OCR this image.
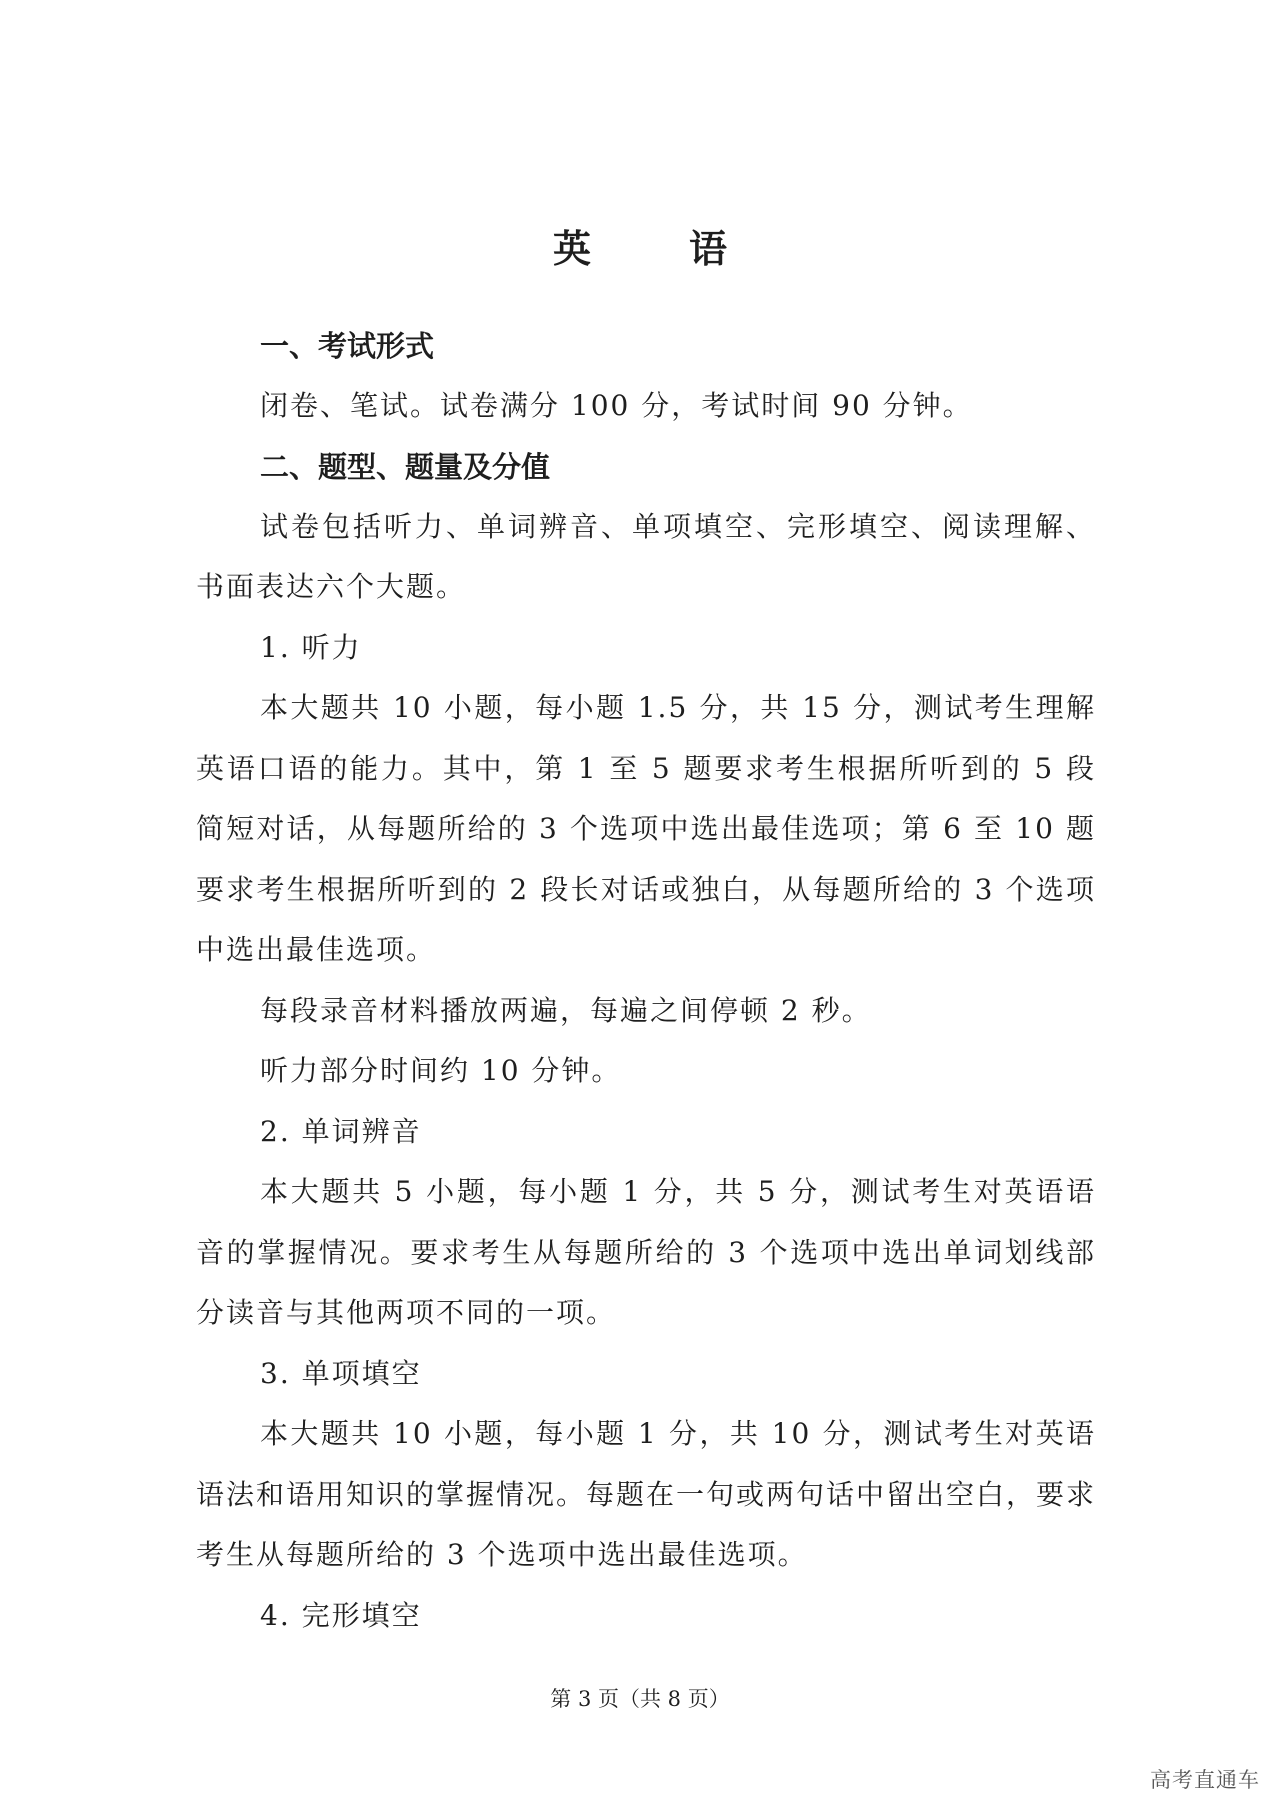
英　语

一、考试形式

闭卷、笔试。试卷满分 100 分，考试时间 90 分钟。

二、题型、题量及分值

试卷包括听力、单词辨音、单项填空、完形填空、阅读理解、书面表达六个大题。

1. 听力

本大题共 10 小题，每小题 1.5 分，共 15 分，测试考生理解英语口语的能力。其中，第 1 至 5 题要求考生根据所听到的 5 段简短对话，从每题所给的 3 个选项中选出最佳选项；第 6 至 10 题要求考生根据所听到的 2 段长对话或独白，从每题所给的 3 个选项中选出最佳选项。

每段录音材料播放两遍，每遍之间停顿 2 秒。

听力部分时间约 10 分钟。

2. 单词辨音

本大题共 5 小题，每小题 1 分，共 5 分，测试考生对英语语音的掌握情况。要求考生从每题所给的 3 个选项中选出单词划线部分读音与其他两项不同的一项。

3. 单项填空

本大题共 10 小题，每小题 1 分，共 10 分，测试考生对英语语法和语用知识的掌握情况。每题在一句或两句话中留出空白，要求考生从每题所给的 3 个选项中选出最佳选项。

4. 完形填空

第 3 页（共 8 页）
高考直通车
